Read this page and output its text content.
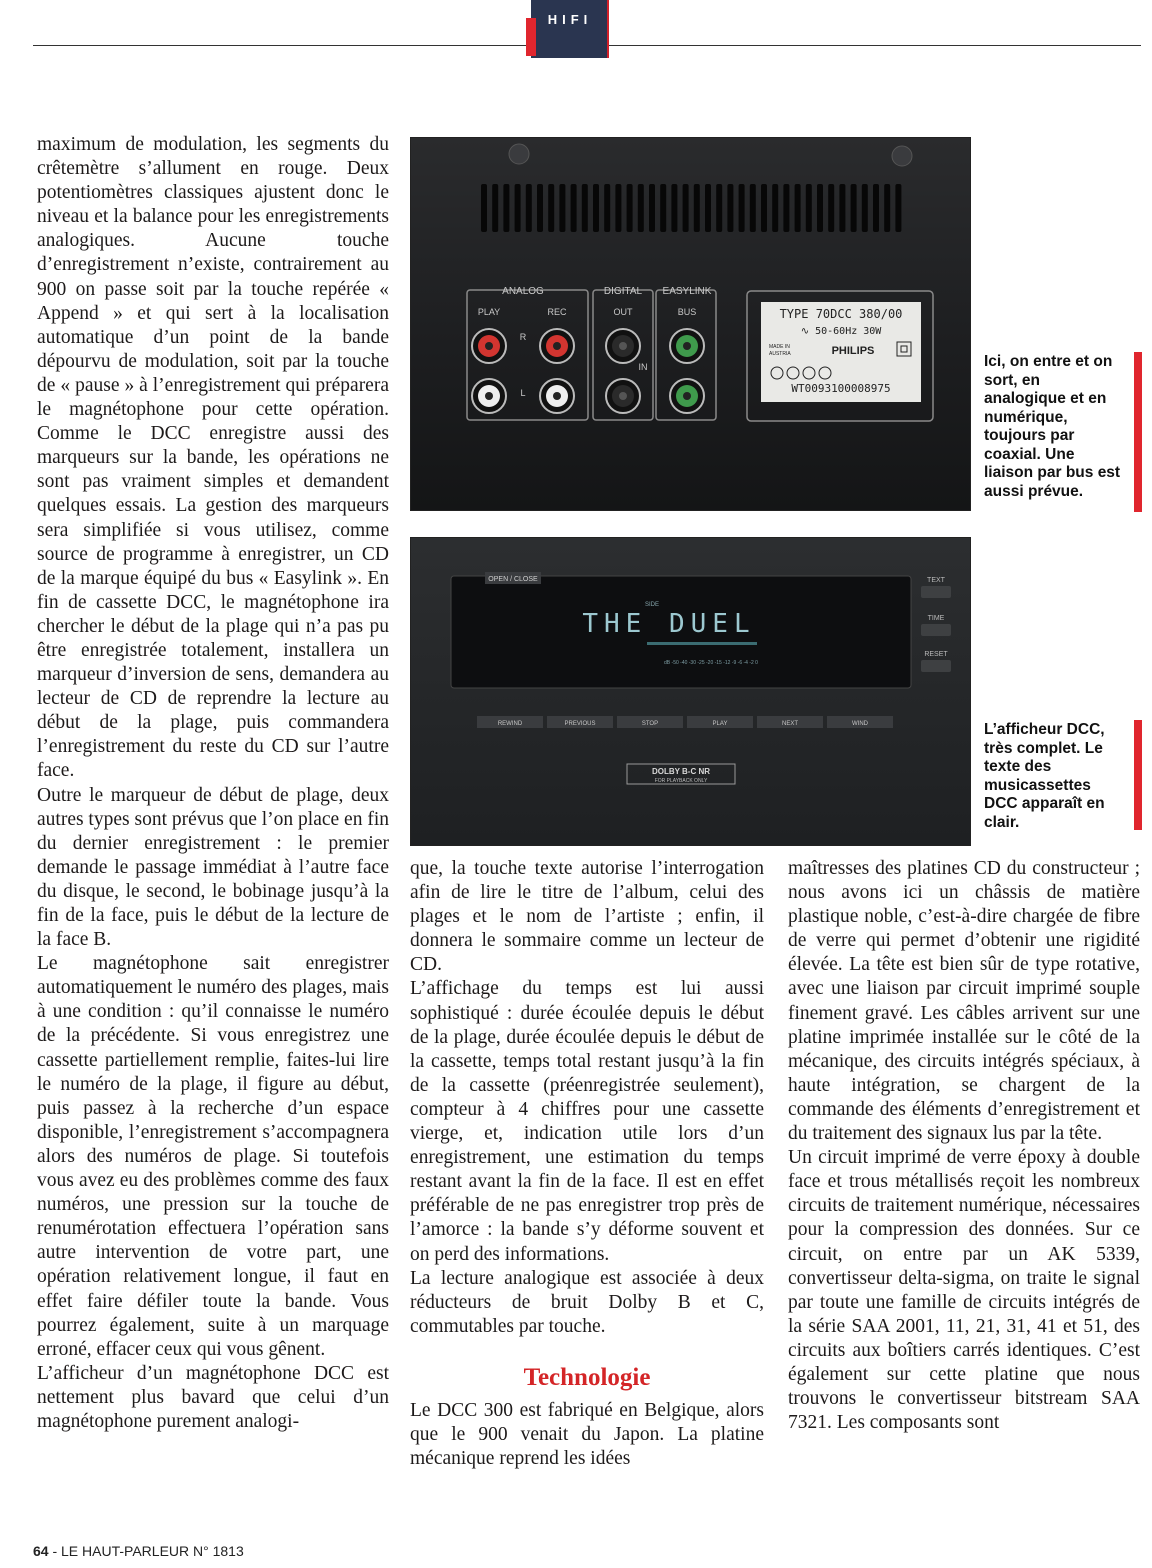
HIFI

maximum de modulation, les segments du crêtemètre s’allument en rouge. Deux potentiomètres classiques ajustent donc le niveau et la balance pour les enregistrements analogiques. Aucune touche d’enregistrement n’existe, contrairement au 900 on passe soit par la touche repérée « Append » et qui sert à la localisation automatique d’un point de la bande dépourvu de modulation, soit par la touche de « pause » à l’enregistrement qui préparera le magnétophone pour cette opération. Comme le DCC enregistre aussi des marqueurs sur la bande, les opérations ne sont pas vraiment simples et demandent quelques essais. La gestion des marqueurs sera simplifiée si vous utilisez, comme source de programme à enregistrer, un CD de la marque équipé du bus « Easylink ». En fin de cassette DCC, le magnétophone ira chercher le début de la plage qui n’a pas pu être enregistrée totalement, installera un marqueur d’inversion de sens, demandera au lecteur de CD de reprendre la lecture au début de la plage, puis commandera l’enregistrement du reste du CD sur l’autre face.

Outre le marqueur de début de plage, deux autres types sont prévus que l’on place en fin du dernier enregistrement : le premier demande le passage immédiat à l’autre face du disque, le second, le bobinage jusqu’à la fin de la face, puis le début de la lecture de la face B.

Le magnétophone sait enregistrer automatiquement le numéro des plages, mais à une condition : qu’il connaisse le numéro de la précédente. Si vous enregistrez une cassette partiellement remplie, faites-lui lire le numéro de la plage, il figure au début, puis passez à la recherche d’un espace disponible, l’enregistrement s’accompagnera alors des numéros de plage. Si toutefois vous avez eu des problèmes comme des faux numéros, une pression sur la touche de renumérotation effectuera l’opération sans autre intervention de votre part, une opération relativement longue, il faut en effet faire défiler toute la bande. Vous pourrez également, suite à un marquage erroné, effacer ceux qui vous gênent.

L’afficheur d’un magnétophone DCC est nettement plus bavard que celui d’un magnétophone purement analogi-

ANALOG	DIGITAL EASYLINK
PLAY	REC	OUT	BUS
R
L
IN
TYPE 70DCC 380/00
∿ 50-60Hz 30W
MADE IN
AUSTRIA	PHILIPS
WT0093100008975
Ici, on entre et on sort, en analogique et en numérique, toujours par coaxial. Une liaison par bus est aussi prévue.
OPEN / CLOSE
SIDE
THE DUEL
dB -50 -40 -30 -25 -20 -15 -12 -9 -6 -4 -2 0
TEXT
TIME
RESET
REWIND	PREVIOUS	STOP	PLAY	NEXT	WIND
DOLBY B-C NR
FOR PLAYBACK ONLY
L’afficheur DCC, très complet. Le texte des musicassettes DCC apparaît en clair.

que, la touche texte autorise l’interrogation afin de lire le titre de l’album, celui des plages et le nom de l’artiste ; enfin, il donnera le sommaire comme un lecteur de CD.

L’affichage du temps est lui aussi sophistiqué : durée écoulée depuis le début de la plage, durée écoulée depuis le début de la cassette, temps total restant jusqu’à la fin de la cassette (préenregistrée seulement), compteur à 4 chiffres pour une cassette vierge, et, indication utile lors d’un enregistrement, une estimation du temps restant avant la fin de la face. Il est en effet préférable de ne pas enregistrer trop près de l’amorce : la bande s’y déforme souvent et on perd des informations.

La lecture analogique est associée à deux réducteurs de bruit Dolby B et C, commutables par touche.

Technologie

Le DCC 300 est fabriqué en Belgique, alors que le 900 venait du Japon. La platine mécanique reprend les idées

maîtresses des platines CD du constructeur ; nous avons ici un châssis de matière plastique noble, c’est-à-dire chargée de fibre de verre qui permet d’obtenir une rigidité élevée. La tête est bien sûr de type rotative, avec une liaison par circuit imprimé souple finement gravé. Les câbles arrivent sur une platine imprimée installée sur le côté de la mécanique, des circuits intégrés spéciaux, à haute intégration, se chargent de la commande des éléments d’enregistrement et du traitement des signaux lus par la tête.

Un circuit imprimé de verre époxy à double face et trous métallisés reçoit les nombreux circuits de traitement numérique, nécessaires pour la compression des données. Sur ce circuit, on entre par un AK 5339, convertisseur delta-sigma, on traite le signal par toute une famille de circuits intégrés de la série SAA 2001, 11, 21, 31, 41 et 51, des circuits aux boîtiers carrés identiques. C’est également sur cette platine que nous trouvons le convertisseur bitstream SAA 7321. Les composants sont

64 - LE HAUT-PARLEUR N° 1813
